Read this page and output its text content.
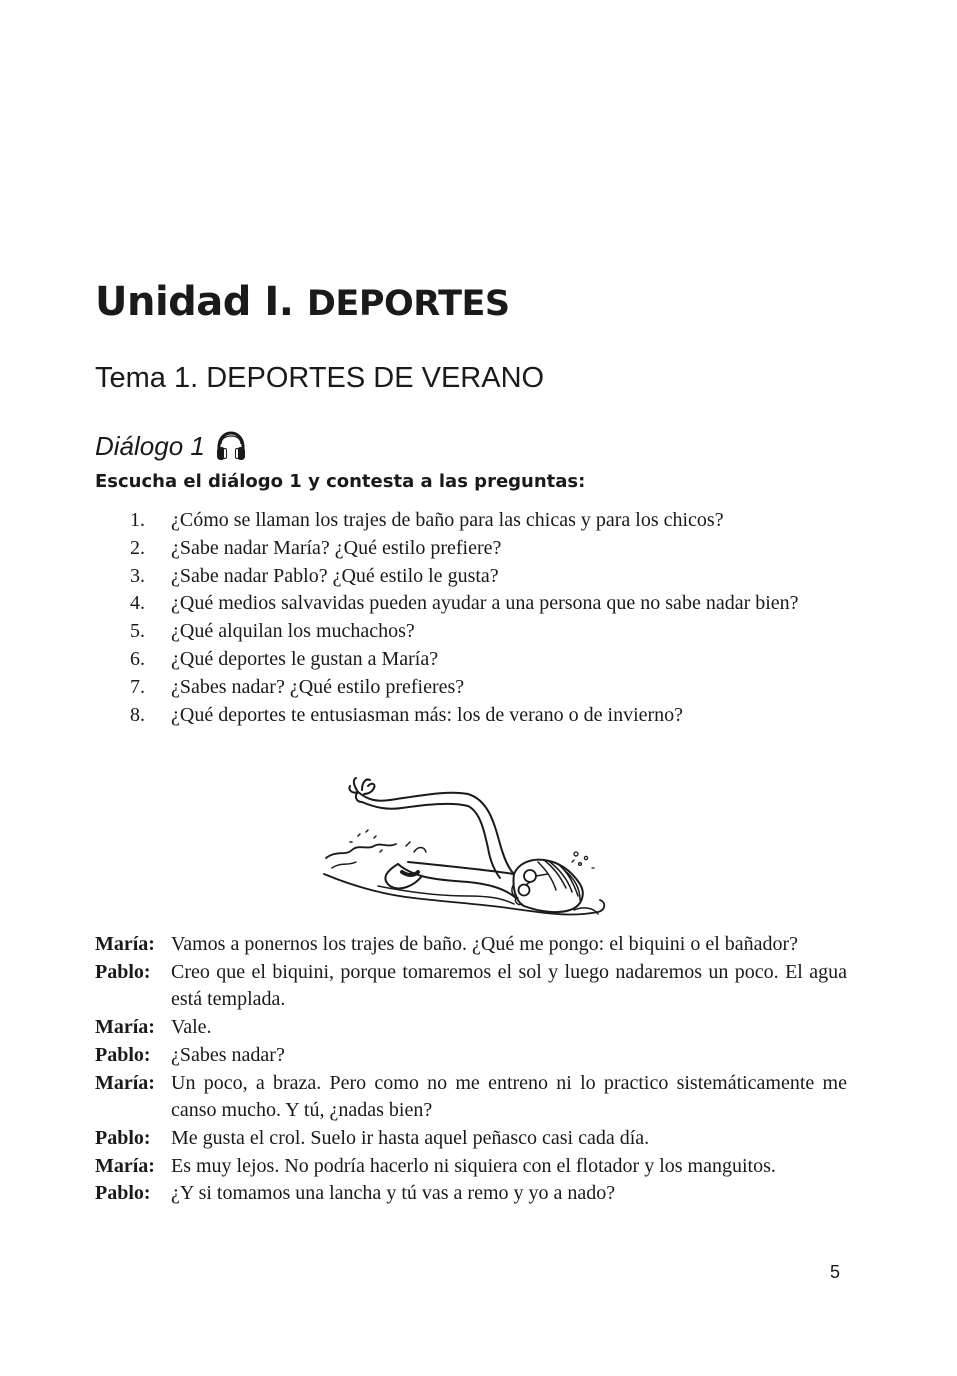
Unidad I. DEPORTES
Tema 1. DEPORTES DE VERANO
Diálogo 1

Escucha el diálogo 1 y contesta a las preguntas:

1.	¿Cómo se llaman los trajes de baño para las chicas y para los chicos?
2.	¿Sabe nadar María? ¿Qué estilo prefiere?
3.	¿Sabe nadar Pablo? ¿Qué estilo le gusta?
4.	¿Qué medios salvavidas pueden ayudar a una persona que no sabe nadar bien?
5.	¿Qué alquilan los muchachos?
6.	¿Qué deportes le gustan a María?
7.	¿Sabes nadar? ¿Qué estilo prefieres?
8.	¿Qué deportes te entusiasman más: los de verano o de invierno?
María: Vamos a ponernos los trajes de baño. ¿Qué me pongo: el biquini o el bañador?
Pablo:	Creo que el biquini, porque tomaremos el sol y luego nadaremos un poco. El agua está templada.
María: Vale.
Pablo:	¿Sabes nadar?
María: Un poco, a braza. Pero como no me entreno ni lo practico sistemáticamente me canso mucho. Y tú, ¿nadas bien?
Pablo:	Me gusta el crol. Suelo ir hasta aquel peñasco casi cada día.
María: Es muy lejos. No podría hacerlo ni siquiera con el flotador y los manguitos.
Pablo:	¿Y si tomamos una lancha y tú vas a remo y yo a nado?
5
